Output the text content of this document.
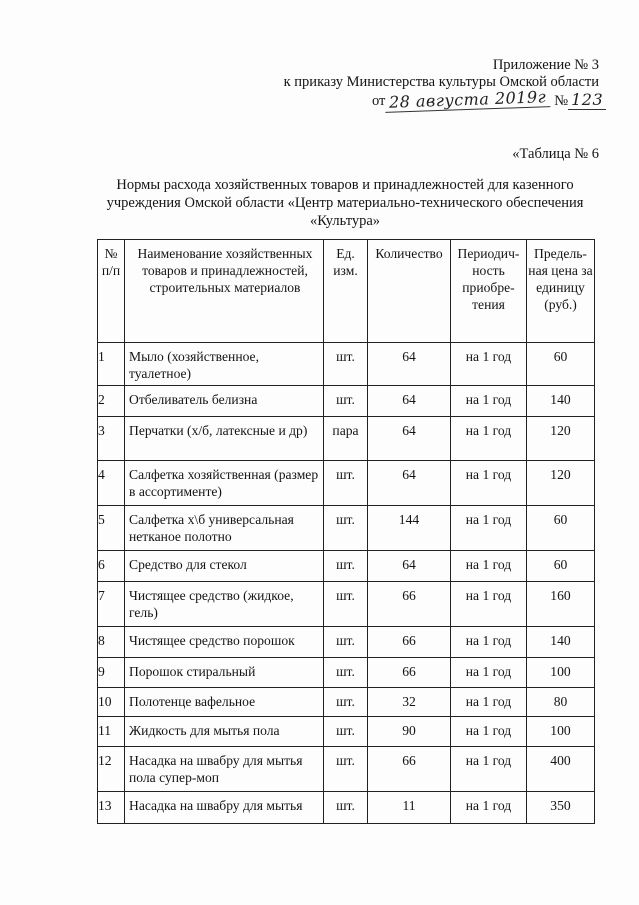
Приложение № 3
к приказу Министерства культуры Омской области
от 28 августа 2019г № 123
«Таблица № 6
Нормы расхода хозяйственных товаров и принадлежностей для казенного учреждения Омской области «Центр материально-технического обеспечения «Культура»
№ п/п	Наименование хозяйственных товаров и принадлежностей, строительных материалов	Ед. изм.	Количество	Периодич-ность приобре-тения	Предель-ная цена за единицу (руб.)
1	Мыло (хозяйственное, туалетное)	шт.	64	на 1 год	60
2	Отбеливатель белизна	шт.	64	на 1 год	140
3	Перчатки (х/б, латексные и др)	пара	64	на 1 год	120
4	Салфетка хозяйственная (размер в ассортименте)	шт.	64	на 1 год	120
5	Салфетка х\б универсальная нетканое полотно	шт.	144	на 1 год	60
6	Средство для стекол	шт.	64	на 1 год	60
7	Чистящее средство (жидкое, гель)	шт.	66	на 1 год	160
8	Чистящее средство порошок	шт.	66	на 1 год	140
9	Порошок стиральный	шт.	66	на 1 год	100
10	Полотенце вафельное	шт.	32	на 1 год	80
11	Жидкость для мытья пола	шт.	90	на 1 год	100
12	Насадка на швабру для мытья пола супер-моп	шт.	66	на 1 год	400
13	Насадка на швабру для мытья	шт.	11	на 1 год	350
